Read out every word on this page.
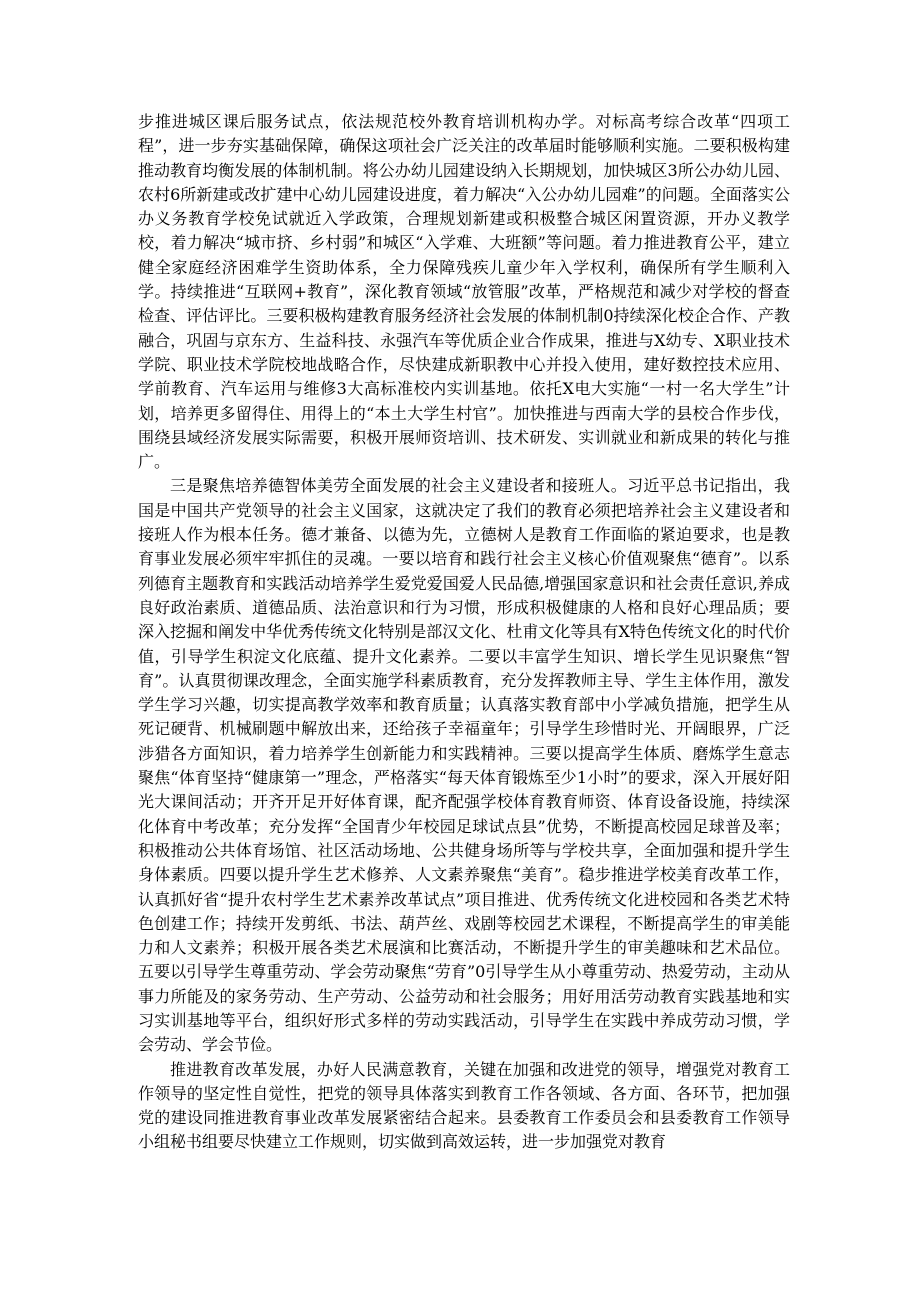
步推进城区课后服务试点，依法规范校外教育培训机构办学。对标高考综合改革“四项工程”，进一步夯实基础保障，确保这项社会广泛关注的改革届时能够顺利实施。二要积极构建推动教育均衡发展的体制机制。将公办幼儿园建设纳入长期规划，加快城区3所公办幼儿园、农村6所新建或改扩建中心幼儿园建设进度，着力解决“入公办幼儿园难”的问题。全面落实公办义务教育学校免试就近入学政策，合理规划新建或积极整合城区闲置资源，开办义教学校，着力解决“城市挤、乡村弱”和城区“入学难、大班额”等问题。着力推进教育公平，建立健全家庭经济困难学生资助体系，全力保障残疾儿童少年入学权利，确保所有学生顺利入学。持续推进“互联网+教育”，深化教育领域“放管服”改革，严格规范和减少对学校的督查检查、评估评比。三要积极构建教育服务经济社会发展的体制机制0持续深化校企合作、产教融合，巩固与京东方、生益科技、永强汽车等优质企业合作成果，推进与X幼专、X职业技术学院、职业技术学院校地战略合作，尽快建成新职教中心并投入使用，建好数控技术应用、学前教育、汽车运用与维修3大高标准校内实训基地。依托X电大实施“一村一名大学生”计划，培养更多留得住、用得上的“本土大学生村官”。加快推进与西南大学的县校合作步伐，围绕县域经济发展实际需要，积极开展师资培训、技术研发、实训就业和新成果的转化与推广。

三是聚焦培养德智体美劳全面发展的社会主义建设者和接班人。习近平总书记指出，我国是中国共产党领导的社会主义国家，这就决定了我们的教育必须把培养社会主义建设者和接班人作为根本任务。德才兼备、以德为先，立德树人是教育工作面临的紧迫要求，也是教育事业发展必须牢牢抓住的灵魂。一要以培育和践行社会主义核心价值观聚焦“德育”。以系列德育主题教育和实践活动培养学生爱党爱国爱人民品德,增强国家意识和社会责任意识,养成良好政治素质、道德品质、法治意识和行为习惯，形成积极健康的人格和良好心理品质；要深入挖掘和阐发中华优秀传统文化特别是部汉文化、杜甫文化等具有X特色传统文化的时代价值，引导学生积淀文化底蕴、提升文化素养。二要以丰富学生知识、增长学生见识聚焦“智育”。认真贯彻课改理念，全面实施学科素质教育，充分发挥教师主导、学生主体作用，激发学生学习兴趣，切实提高教学效率和教育质量；认真落实教育部中小学减负措施，把学生从死记硬背、机械刷题中解放出来，还给孩子幸福童年；引导学生珍惜时光、开阔眼界，广泛涉猎各方面知识，着力培养学生创新能力和实践精神。三要以提高学生体质、磨炼学生意志聚焦“体育坚持“健康第一”理念，严格落实“每天体育锻炼至少1小时”的要求，深入开展好阳光大课间活动；开齐开足开好体育课，配齐配强学校体育教育师资、体育设备设施，持续深化体育中考改革；充分发挥“全国青少年校园足球试点县”优势，不断提高校园足球普及率；积极推动公共体育场馆、社区活动场地、公共健身场所等与学校共享，全面加强和提升学生身体素质。四要以提升学生艺术修养、人文素养聚焦“美育”。稳步推进学校美育改革工作，认真抓好省“提升农村学生艺术素养改革试点”项目推进、优秀传统文化进校园和各类艺术特色创建工作；持续开发剪纸、书法、葫芦丝、戏剧等校园艺术课程，不断提高学生的审美能力和人文素养；积极开展各类艺术展演和比赛活动，不断提升学生的审美趣味和艺术品位。五要以引导学生尊重劳动、学会劳动聚焦“劳育”0引导学生从小尊重劳动、热爱劳动，主动从事力所能及的家务劳动、生产劳动、公益劳动和社会服务；用好用活劳动教育实践基地和实习实训基地等平台，组织好形式多样的劳动实践活动，引导学生在实践中养成劳动习惯，学会劳动、学会节俭。

推进教育改革发展，办好人民满意教育，关键在加强和改进党的领导，增强党对教育工作领导的坚定性自觉性，把党的领导具体落实到教育工作各领域、各方面、各环节，把加强党的建设同推进教育事业改革发展紧密结合起来。县委教育工作委员会和县委教育工作领导小组秘书组要尽快建立工作规则，切实做到高效运转，进一步加强党对教育
